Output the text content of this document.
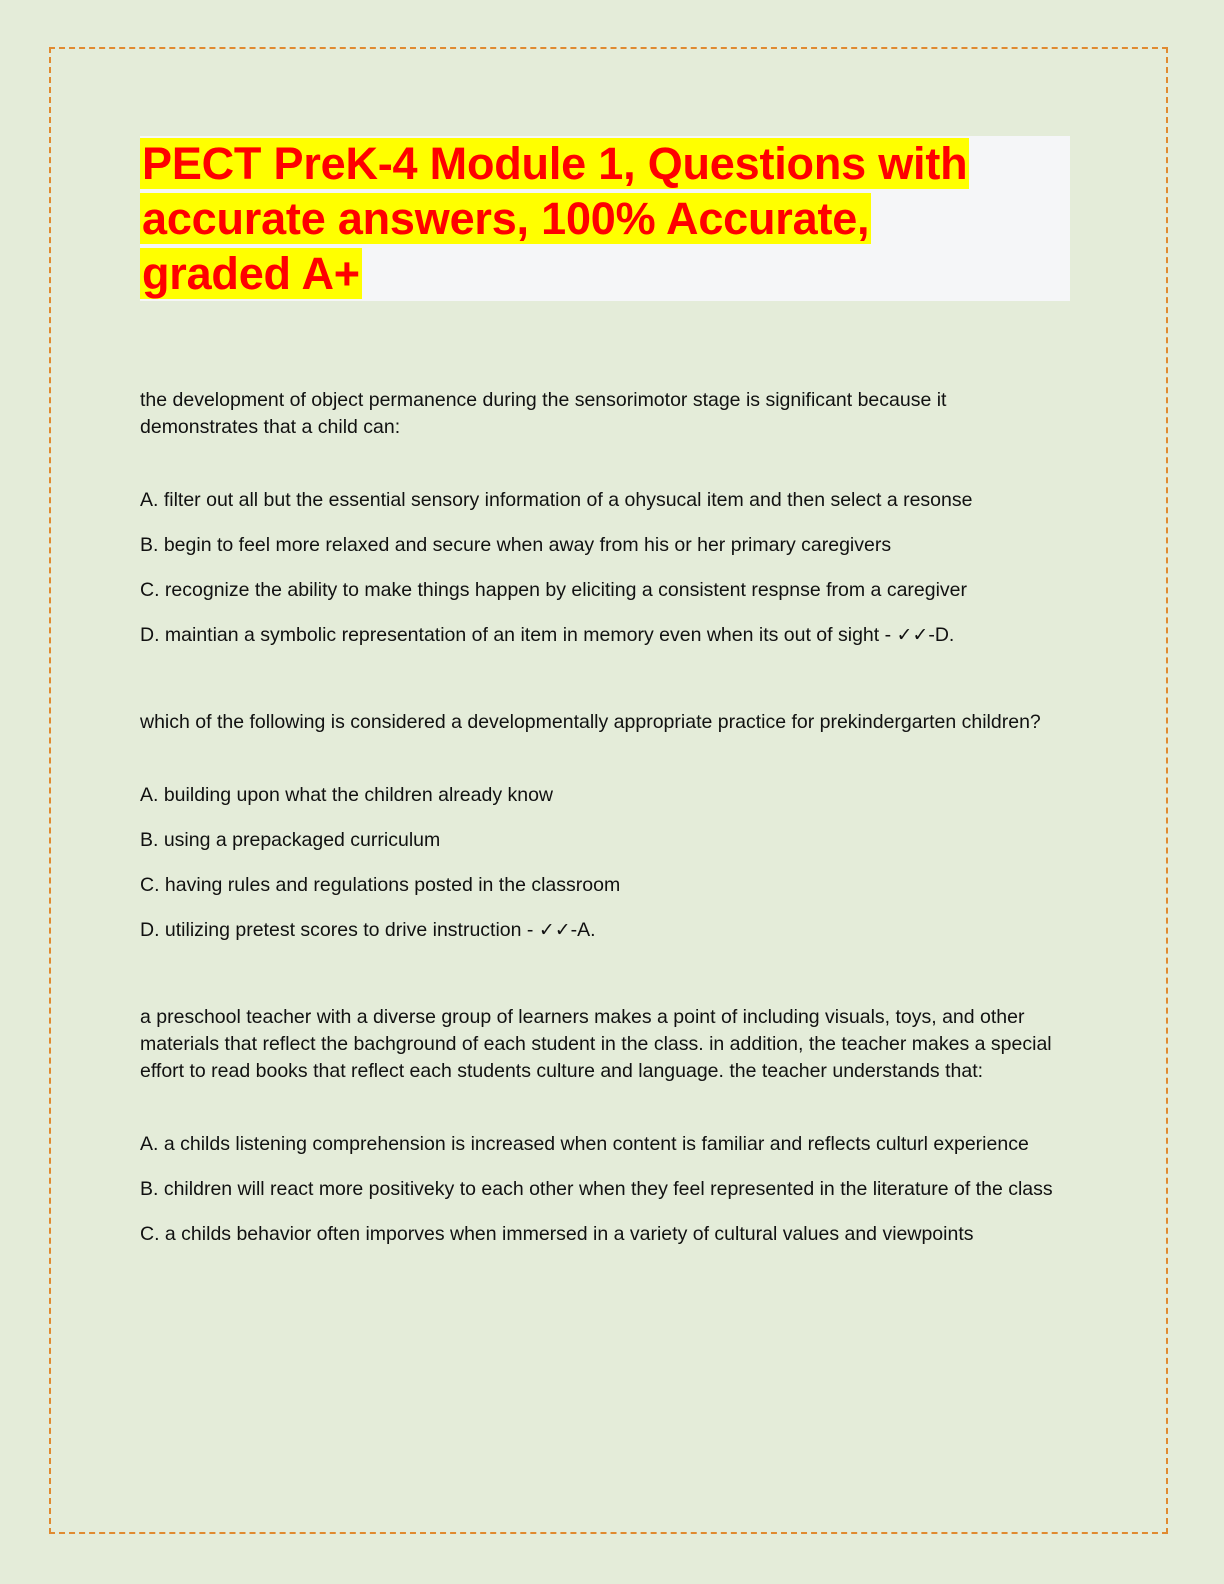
PECT PreK-4 Module 1, Questions with
accurate answers, 100% Accurate,
graded A+

the development of object permanence during the sensorimotor stage is significant because it demonstrates that a child can:

A. filter out all but the essential sensory information of a ohysucal item and then select a resonse

B. begin to feel more relaxed and secure when away from his or her primary caregivers

C. recognize the ability to make things happen by eliciting a consistent respnse from a caregiver

D. maintian a symbolic representation of an item in memory even when its out of sight - ✓✓-D.

which of the following is considered a developmentally appropriate practice for prekindergarten children?

A. building upon what the children already know

B. using a prepackaged curriculum

C. having rules and regulations posted in the classroom

D. utilizing pretest scores to drive instruction - ✓✓-A.

a preschool teacher with a diverse group of learners makes a point of including visuals, toys, and other materials that reflect the bachground of each student in the class. in addition, the teacher makes a special effort to read books that reflect each students culture and language. the teacher understands that:

A. a childs listening comprehension is increased when content is familiar and reflects culturl experience

B. children will react more positiveky to each other when they feel represented in the literature of the class

C. a childs behavior often imporves when immersed in a variety of cultural values and viewpoints
